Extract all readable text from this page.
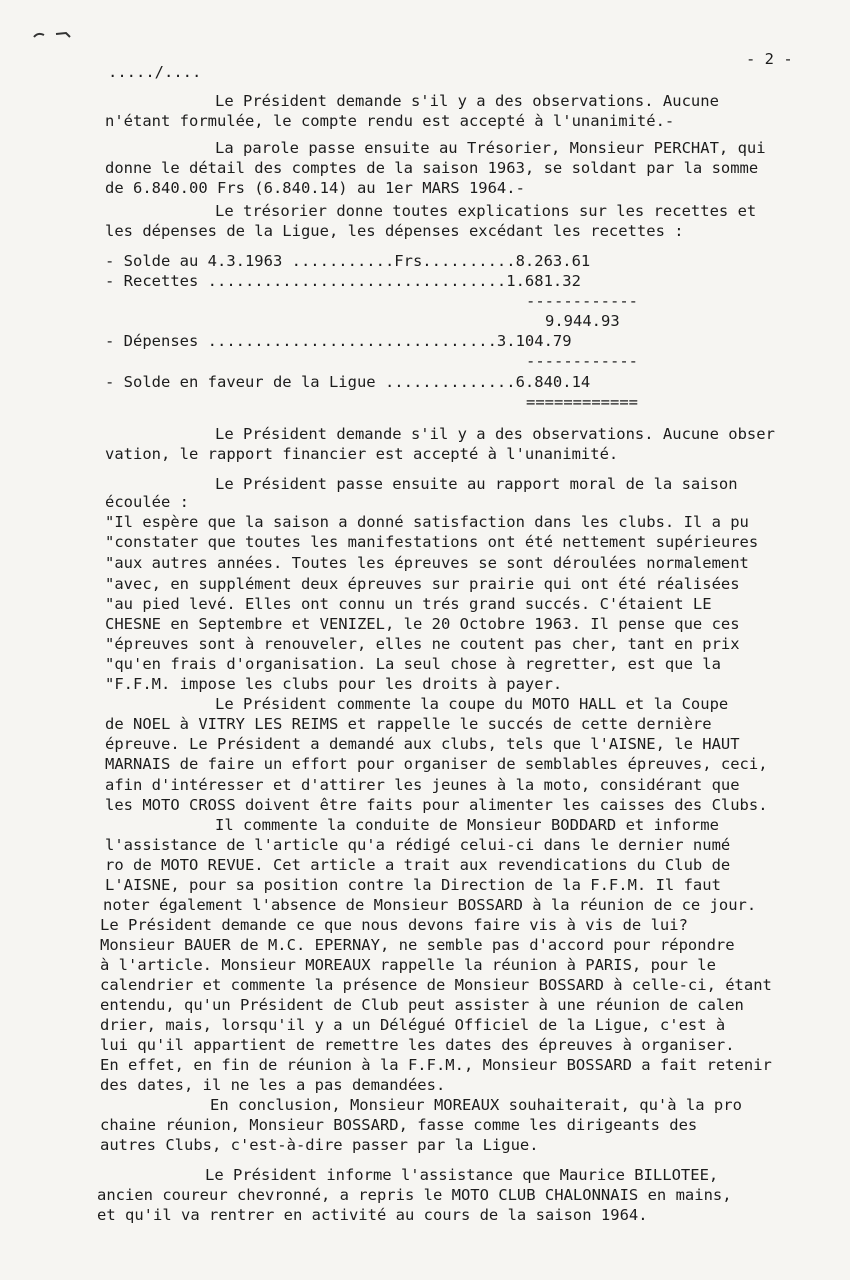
...../....
- 2 -
Le Président demande s'il y a des observations. Aucune
n'étant formulée, le compte rendu est accepté à l'unanimité.-
La parole passe ensuite au Trésorier, Monsieur PERCHAT, qui
donne le détail des comptes de la saison 1963, se soldant par la somme
de 6.840.00 Frs (6.840.14) au 1er MARS 1964.-
Le trésorier donne toutes explications sur les recettes et
les dépenses de la Ligue, les dépenses excédant les recettes :
- Solde au 4.3.1963 ...........Frs..........8.263.61
- Recettes ................................1.681.32
------------
9.944.93
- Dépenses ...............................3.104.79
------------
- Solde en faveur de la Ligue ..............6.840.14
============
Le Président demande s'il y a des observations. Aucune obser
vation, le rapport financier est accepté à l'unanimité.
Le Président passe ensuite au rapport moral de la saison
écoulée :
"Il espère que la saison a donné satisfaction dans les clubs. Il a pu
"constater que toutes les manifestations ont été nettement supérieures
"aux autres années. Toutes les épreuves se sont déroulées normalement
"avec, en supplément deux épreuves sur prairie qui ont été réalisées
"au pied levé. Elles ont connu un trés grand succés. C'étaient LE
CHESNE en Septembre et VENIZEL, le 20 Octobre 1963. Il pense que ces
"épreuves sont à renouveler, elles ne coutent pas cher, tant en prix
"qu'en frais d'organisation. La seul chose à regretter, est que la
"F.F.M. impose les clubs pour les droits à payer.
Le Président commente la coupe du MOTO HALL et la Coupe
de NOEL à VITRY LES REIMS et rappelle le succés de cette dernière
épreuve. Le Président a demandé aux clubs, tels que l'AISNE, le HAUT
MARNAIS de faire un effort pour organiser de semblables épreuves, ceci,
afin d'intéresser et d'attirer les jeunes à la moto, considérant que
les MOTO CROSS doivent être faits pour alimenter les caisses des Clubs.
Il commente la conduite de Monsieur BODDARD et informe
l'assistance de l'article qu'a rédigé celui-ci dans le dernier numé
ro de MOTO REVUE. Cet article a trait aux revendications du Club de
L'AISNE, pour sa position contre la Direction de la F.F.M. Il faut
noter également l'absence de Monsieur BOSSARD à la réunion de ce jour.
Le Président demande ce que nous devons faire vis à vis de lui?
Monsieur BAUER de M.C. EPERNAY, ne semble pas d'accord pour répondre
à l'article. Monsieur MOREAUX rappelle la réunion à PARIS, pour le
calendrier et commente la présence de Monsieur BOSSARD à celle-ci, étant
entendu, qu'un Président de Club peut assister à une réunion de calen
drier, mais, lorsqu'il y a un Délégué Officiel de la Ligue, c'est à
lui qu'il appartient de remettre les dates des épreuves à organiser.
En effet, en fin de réunion à la F.F.M., Monsieur BOSSARD a fait retenir
des dates, il ne les a pas demandées.
En conclusion, Monsieur MOREAUX souhaiterait, qu'à la pro
chaine réunion, Monsieur BOSSARD, fasse comme les dirigeants des
autres Clubs, c'est-à-dire passer par la Ligue.
Le Président informe l'assistance que Maurice BILLOTEE,
ancien coureur chevronné, a repris le MOTO CLUB CHALONNAIS en mains,
et qu'il va rentrer en activité au cours de la saison 1964.
